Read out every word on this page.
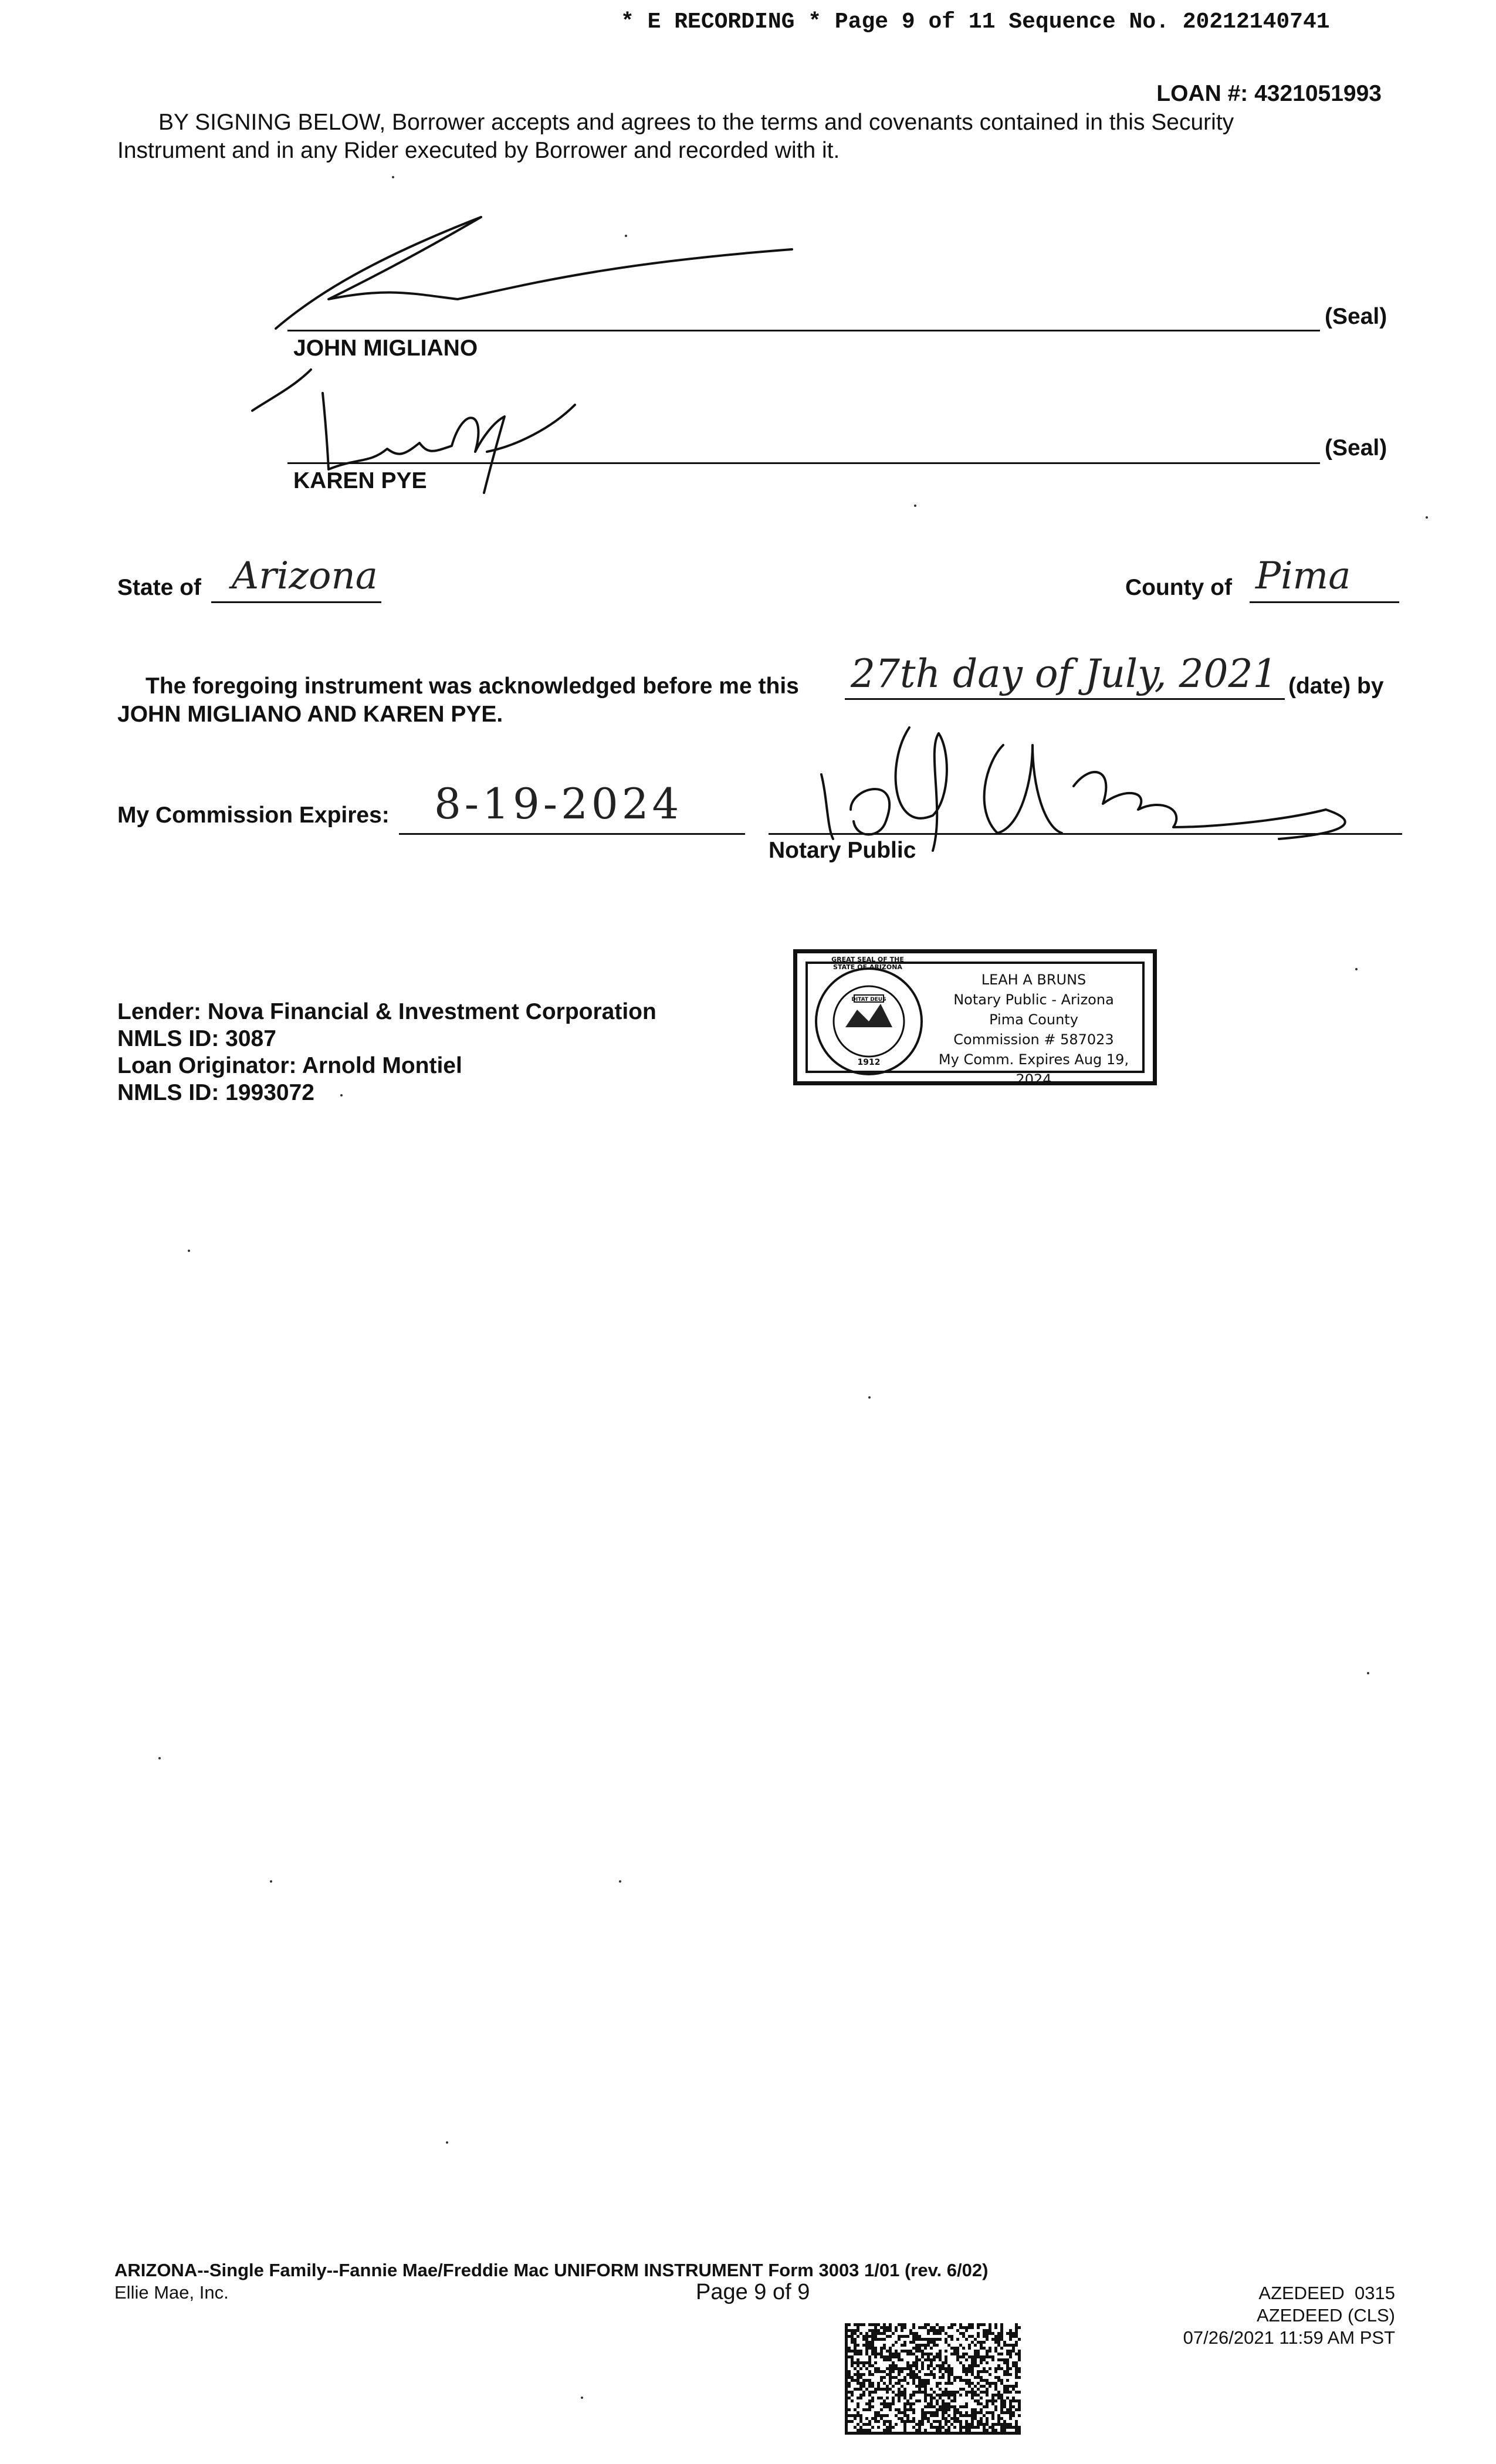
* E RECORDING * Page 9 of 11 Sequence No. 20212140741
LOAN #: 4321051993
BY SIGNING BELOW, Borrower accepts and agrees to the terms and covenants contained in this Security
Instrument and in any Rider executed by Borrower and recorded with it.
(Seal)
JOHN MIGLIANO
(Seal)
KAREN PYE
State of Arizona	County of Pima
The foregoing instrument was acknowledged before me this 27th day of July, 2021 (date) by
JOHN MIGLIANO AND KAREN PYE.
My Commission Expires: 8-19-2024
Notary Public
GREAT SEAL OF THE STATE OF ARIZONA
DITAT DEUS
1912
LEAH A BRUNS
Notary Public - Arizona
Pima County
Commission # 587023
My Comm. Expires Aug 19, 2024
Lender: Nova Financial & Investment Corporation
NMLS ID: 3087
Loan Originator: Arnold Montiel
NMLS ID: 1993072
ARIZONA--Single Family--Fannie Mae/Freddie Mac UNIFORM INSTRUMENT Form 3003 1/01 (rev. 6/02)
Ellie Mae, Inc.	Page 9 of 9	AZEDEED  0315
AZEDEED (CLS)
07/26/2021 11:59 AM PST
